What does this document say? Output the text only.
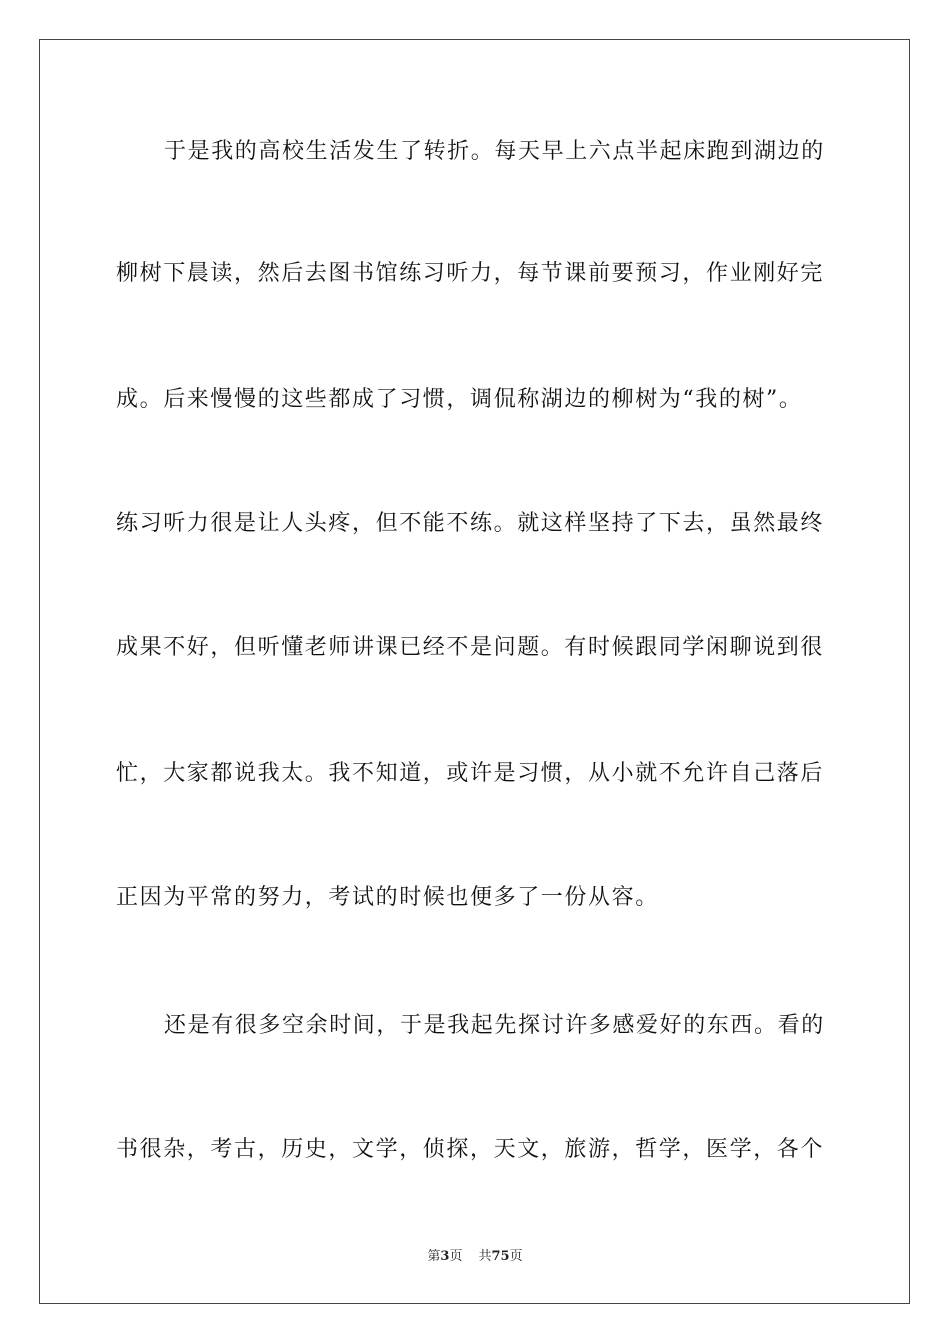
于是我的高校生活发生了转折。每天早上六点半起床跑到湖边的
柳树下晨读，然后去图书馆练习听力，每节课前要预习，作业刚好完
成。后来慢慢的这些都成了习惯，调侃称湖边的柳树为“我的树”。
练习听力很是让人头疼，但不能不练。就这样坚持了下去，虽然最终
成果不好，但听懂老师讲课已经不是问题。有时候跟同学闲聊说到很
忙，大家都说我太。我不知道，或许是习惯，从小就不允许自己落后
正因为平常的努力，考试的时候也便多了一份从容。
还是有很多空余时间，于是我起先探讨许多感爱好的东西。看的
书很杂，考古，历史，文学，侦探，天文，旅游，哲学，医学，各个
第3页 共75页
